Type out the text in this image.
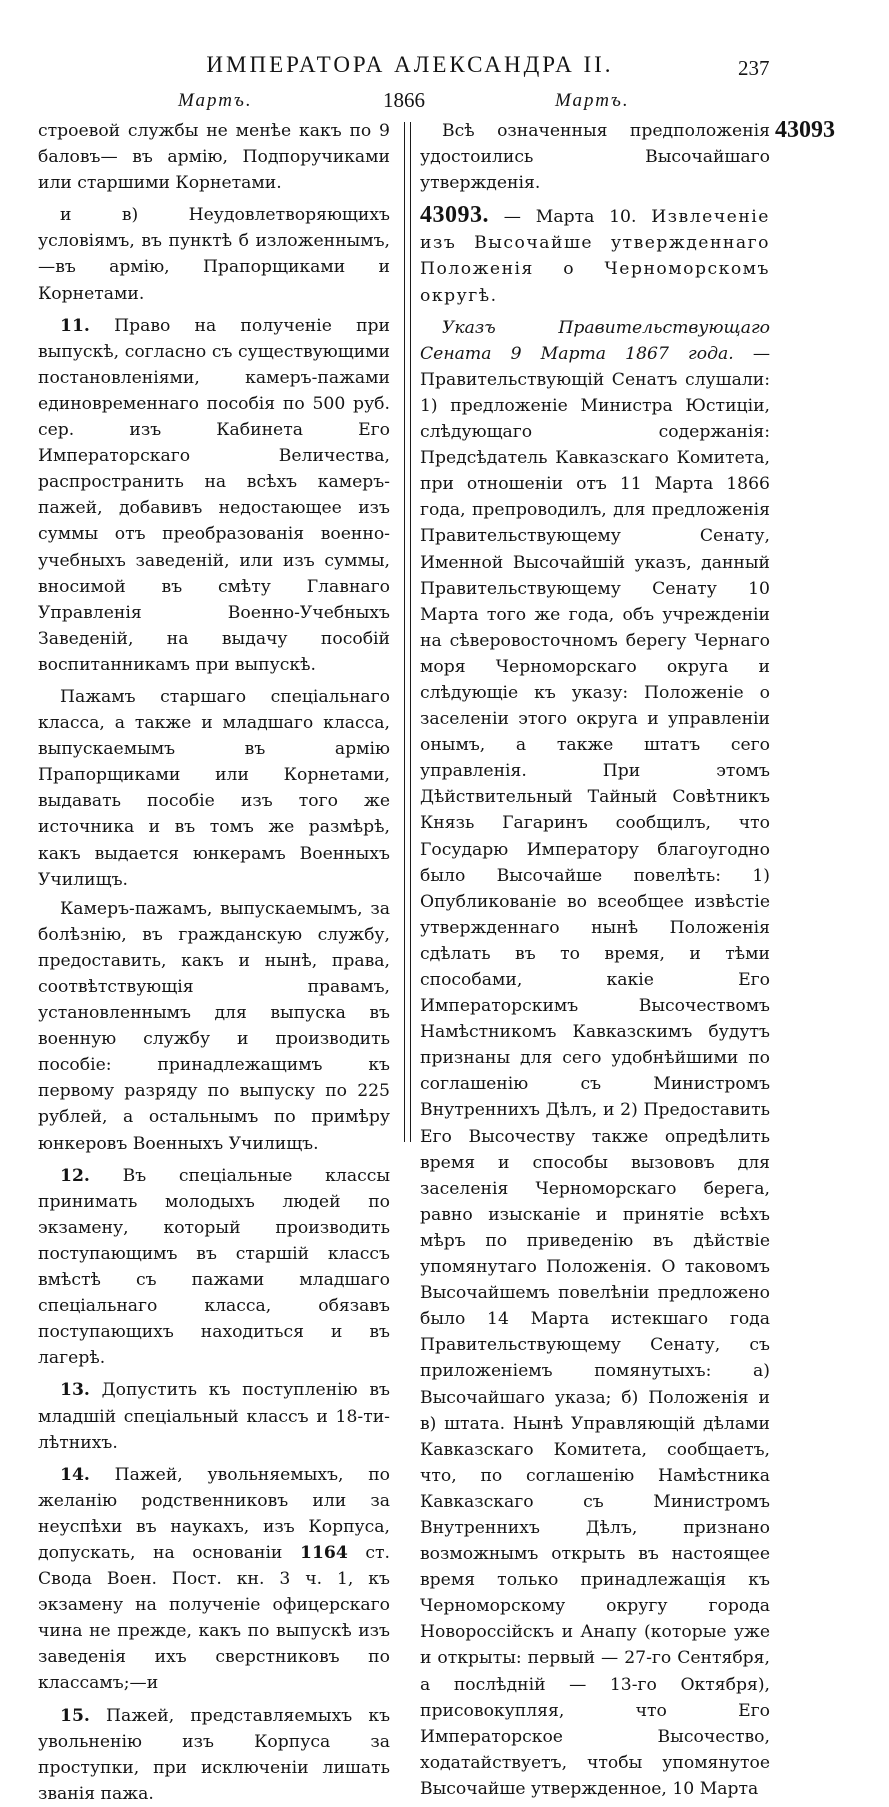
ИМПЕРАТОРА АЛЕКСАНДРА II.	237
Мартъ.	1866	Мартъ.
43093

строевой службы не менѣе какъ по 9 баловъ— въ армію, Подпоручиками или старшими Корнетами.

и в) Неудовлетворяющихъ условіямъ, въ пунктѣ б изложеннымъ,—въ армію, Прапорщиками и Корнетами.

11. Право на полученіе при выпускѣ, согласно съ существующими постановленіями, камеръ-пажами единовременнаго пособія по 500 руб. сер. изъ Кабинета Его Императорскаго Величества, распространить на всѣхъ камеръ-пажей, добавивъ недостающее изъ суммы отъ преобразованія военно-учебныхъ заведеній, или изъ суммы, вносимой въ смѣту Главнаго Управленія Военно-Учебныхъ Заведеній, на выдачу пособій воспитанникамъ при выпускѣ.

Пажамъ старшаго спеціальнаго класса, а также и младшаго класса, выпускаемымъ въ армію Прапорщиками или Корнетами, выдавать пособіе изъ того же источника и въ томъ же размѣрѣ, какъ выдается юнкерамъ Военныхъ Училищъ.

Камеръ-пажамъ, выпускаемымъ, за болѣзнію, въ гражданскую службу, предоставить, какъ и нынѣ, права, соотвѣтствующія правамъ, установленнымъ для выпуска въ военную службу и производить пособіе: принадлежащимъ къ первому разряду по выпуску по 225 рублей, а остальнымъ по примѣру юнкеровъ Военныхъ Училищъ.

12. Въ спеціальные классы принимать молодыхъ людей по экзамену, который производить поступающимъ въ старшій классъ вмѣстѣ съ пажами младшаго спеціальнаго класса, обязавъ поступающихъ находиться и въ лагерѣ.

13. Допустить къ поступленію въ младшій спеціальный классъ и 18-ти-лѣтнихъ.

14. Пажей, увольняемыхъ, по желанію родственниковъ или за неуспѣхи въ наукахъ, изъ Корпуса, допускать, на основаніи 1164 ст. Свода Воен. Пост. кн. 3 ч. 1, къ экзамену на полученіе офицерскаго чина не прежде, какъ по выпускѣ изъ заведенія ихъ сверстниковъ по классамъ;—и

15. Пажей, представляемыхъ къ увольненію изъ Корпуса за проступки, при исключеніи лишать званія пажа.

Всѣ означенныя предположенія удостоились Высочайшаго утвержденія.

43093. — Марта 10. Извлеченіе изъ Высочайше утвержденнаго Положенія о Черноморскомъ округѣ.

Указъ Правительствующаго Сената 9 Марта 1867 года. — Правительствующій Сенатъ слушали: 1) предложеніе Министра Юстиціи, слѣдующаго содержанія: Предсѣдатель Кавказскаго Комитета, при отношеніи отъ 11 Марта 1866 года, препроводилъ, для предложенія Правительствующему Сенату, Именной Высочайшій указъ, данный Правительствующему Сенату 10 Марта того же года, объ учрежденіи на сѣверовосточномъ берегу Чернаго моря Черноморскаго округа и слѣдующіе къ указу: Положеніе о заселеніи этого округа и управленіи онымъ, а также штатъ сего управленія. При этомъ Дѣйствительный Тайный Совѣтникъ Князь Гагаринъ сообщилъ, что Государю Императору благоугодно было Высочайше повелѣть: 1) Опубликованіе во всеобщее извѣстіе утвержденнаго нынѣ Положенія сдѣлать въ то время, и тѣми способами, какіе Его Императорскимъ Высочествомъ Намѣстникомъ Кавказскимъ будутъ признаны для сего удобнѣйшими по соглашенію съ Министромъ Внутреннихъ Дѣлъ, и 2) Предоставить Его Высочеству также опредѣлить время и способы вызововъ для заселенія Черноморскаго берега, равно изысканіе и принятіе всѣхъ мѣръ по приведенію въ дѣйствіе упомянутаго Положенія. О таковомъ Высочайшемъ повелѣніи предложено было 14 Марта истекшаго года Правительствующему Сенату, съ приложеніемъ помянутыхъ: а) Высочайшаго указа; б) Положенія и в) штата. Нынѣ Управляющій дѣлами Кавказскаго Комитета, сообщаетъ, что, по соглашенію Намѣстника Кавказскаго съ Министромъ Внутреннихъ Дѣлъ, признано возможнымъ открыть въ настоящее время только принадлежащія къ Черноморскому округу города Новороссійскъ и Анапу (которые уже и открыты: первый — 27-го Сентября, а послѣдній — 13-го Октября), присовокупляя, что Его Императорское Высочество, ходатайствуетъ, чтобы упомянутое Высочайше утвержденное, 10 Марта
